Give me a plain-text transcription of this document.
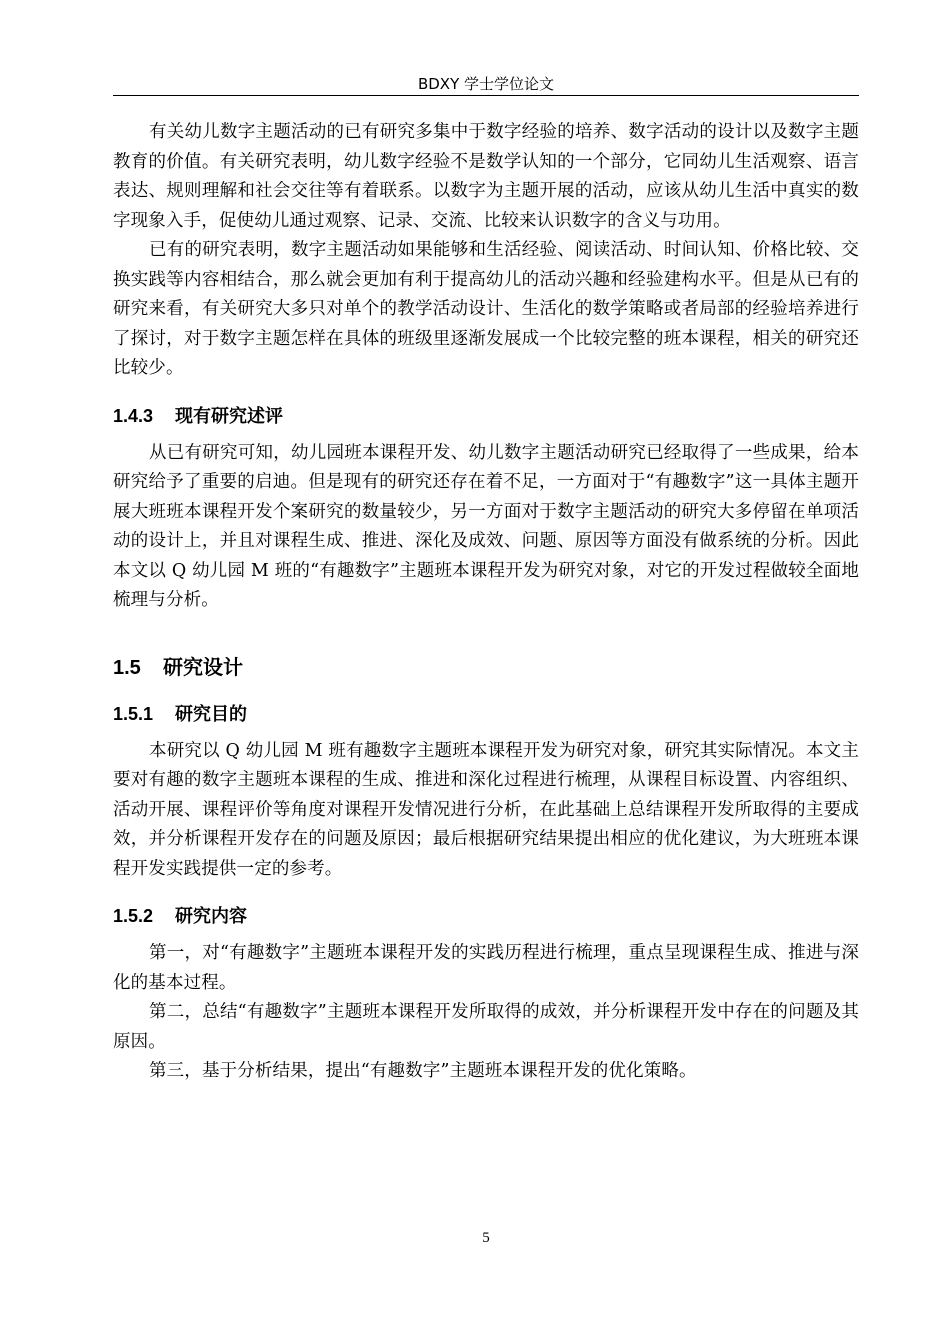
BDXY 学士学位论文

有关幼儿数字主题活动的已有研究多集中于数字经验的培养、数字活动的设计以及数字主题教育的价值。有关研究表明，幼儿数字经验不是数学认知的一个部分，它同幼儿生活观察、语言表达、规则理解和社会交往等有着联系。以数字为主题开展的活动，应该从幼儿生活中真实的数字现象入手，促使幼儿通过观察、记录、交流、比较来认识数字的含义与功用。

已有的研究表明，数字主题活动如果能够和生活经验、阅读活动、时间认知、价格比较、交换实践等内容相结合，那么就会更加有利于提高幼儿的活动兴趣和经验建构水平。但是从已有的研究来看，有关研究大多只对单个的教学活动设计、生活化的数学策略或者局部的经验培养进行了探讨，对于数字主题怎样在具体的班级里逐渐发展成一个比较完整的班本课程，相关的研究还比较少。

1.4.3 现有研究述评

从已有研究可知，幼儿园班本课程开发、幼儿数字主题活动研究已经取得了一些成果，给本研究给予了重要的启迪。但是现有的研究还存在着不足，一方面对于“有趣数字”这一具体主题开展大班班本课程开发个案研究的数量较少，另一方面对于数字主题活动的研究大多停留在单项活动的设计上，并且对课程生成、推进、深化及成效、问题、原因等方面没有做系统的分析。因此本文以 Q 幼儿园 M 班的“有趣数字”主题班本课程开发为研究对象，对它的开发过程做较全面地梳理与分析。

1.5 研究设计
1.5.1 研究目的

本研究以 Q 幼儿园 M 班有趣数字主题班本课程开发为研究对象，研究其实际情况。本文主要对有趣的数字主题班本课程的生成、推进和深化过程进行梳理，从课程目标设置、内容组织、活动开展、课程评价等角度对课程开发情况进行分析，在此基础上总结课程开发所取得的主要成效，并分析课程开发存在的问题及原因；最后根据研究结果提出相应的优化建议，为大班班本课程开发实践提供一定的参考。

1.5.2 研究内容

第一，对“有趣数字”主题班本课程开发的实践历程进行梳理，重点呈现课程生成、推进与深化的基本过程。

第二，总结“有趣数字”主题班本课程开发所取得的成效，并分析课程开发中存在的问题及其原因。

第三，基于分析结果，提出“有趣数字”主题班本课程开发的优化策略。

5
